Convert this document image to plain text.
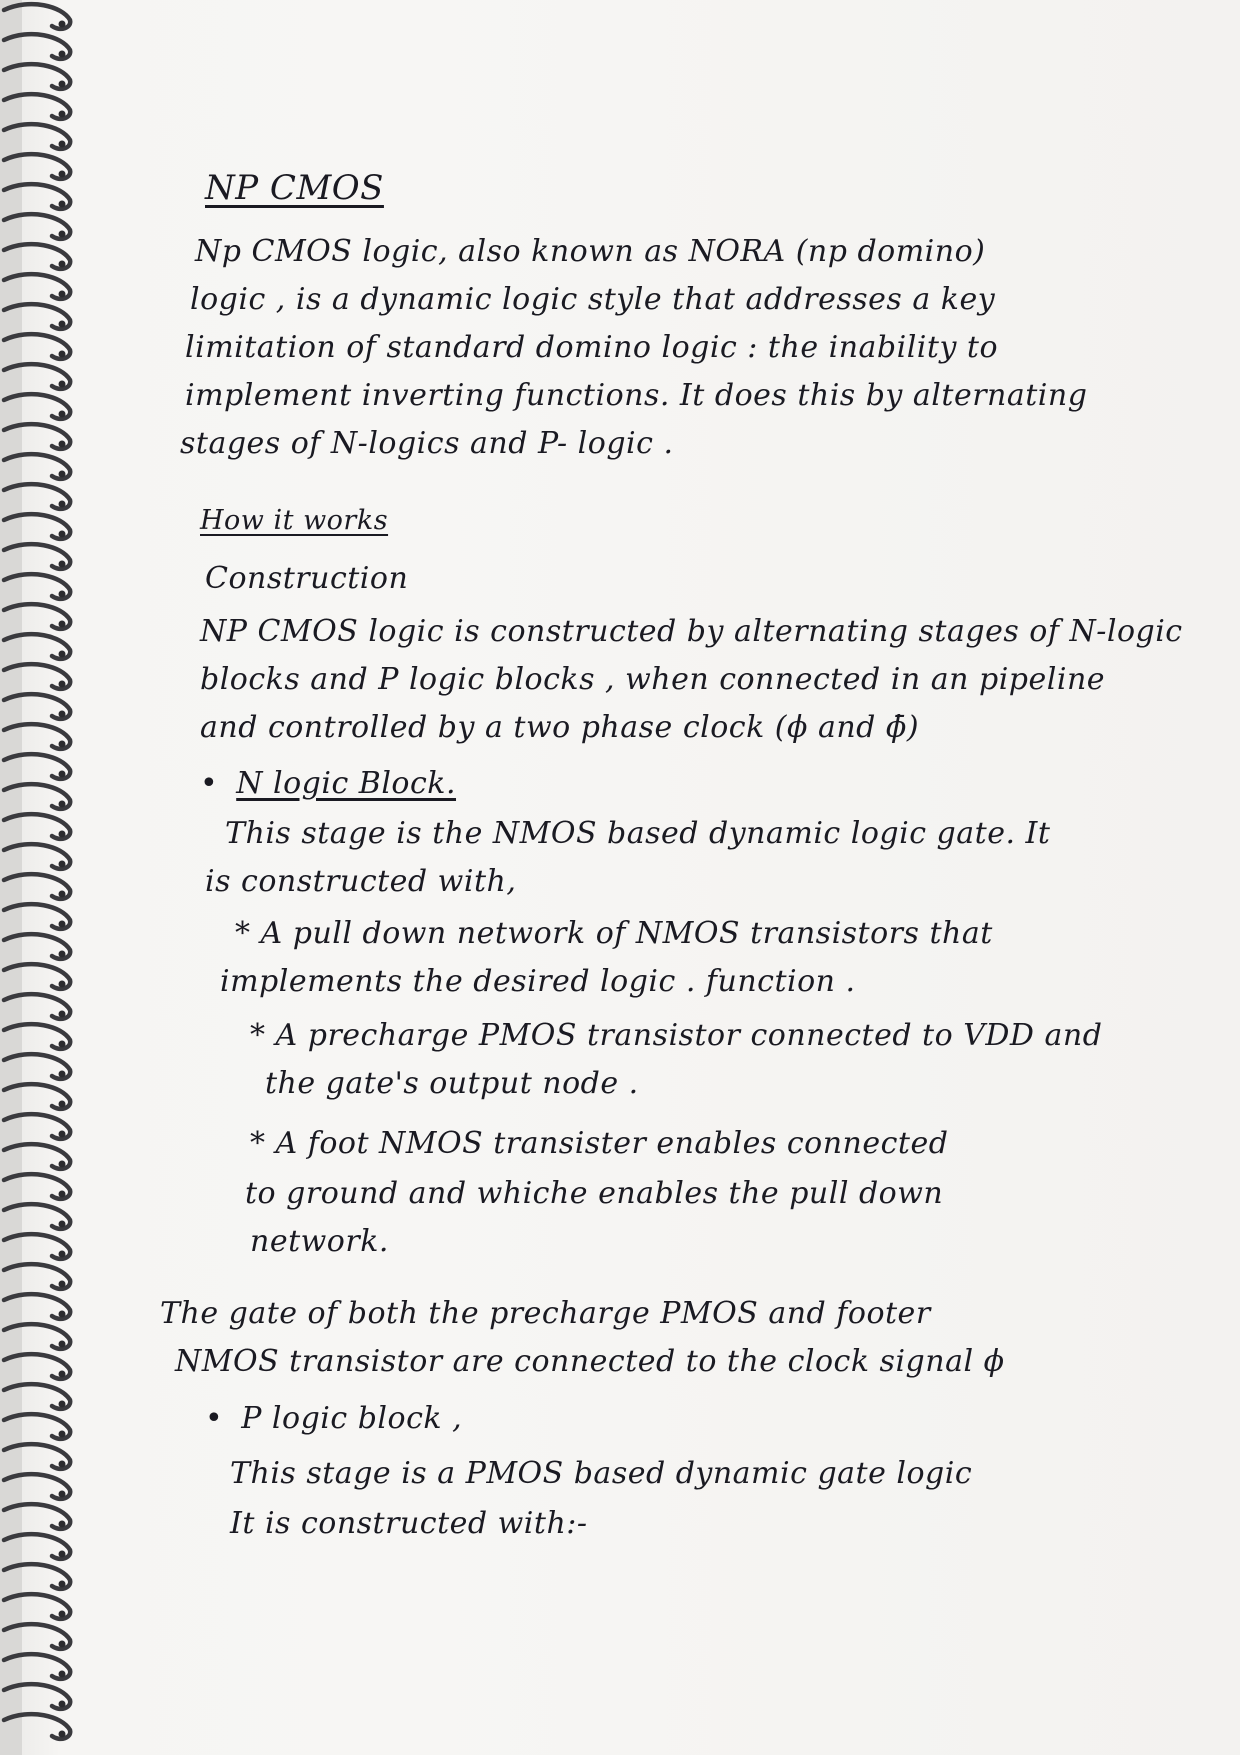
NP CMOS
Np CMOS logic, also known as NORA (np domino)
logic , is a dynamic logic style that addresses a key
limitation of standard domino logic : the inability to
implement inverting functions. It does this by alternating
stages of N-logics and P- logic .
How it works
Construction
NP CMOS logic is constructed by alternating stages of N-logic
blocks and P logic blocks , when connected in an pipeline
and controlled by a two phase clock (ϕ and ϕ̄)
• N logic Block.
This stage is the NMOS based dynamic logic gate. It
is constructed with,
* A pull down network of NMOS transistors that
implements the desired logic . function .
* A precharge PMOS transistor connected to VDD and
the gate's output node .
* A foot NMOS transister enables connected
to ground and whiche enables the pull down
network.
The gate of both the precharge PMOS and footer
NMOS transistor are connected to the clock signal ϕ
• P logic block ,
This stage is a PMOS based dynamic gate logic
It is constructed with:-
